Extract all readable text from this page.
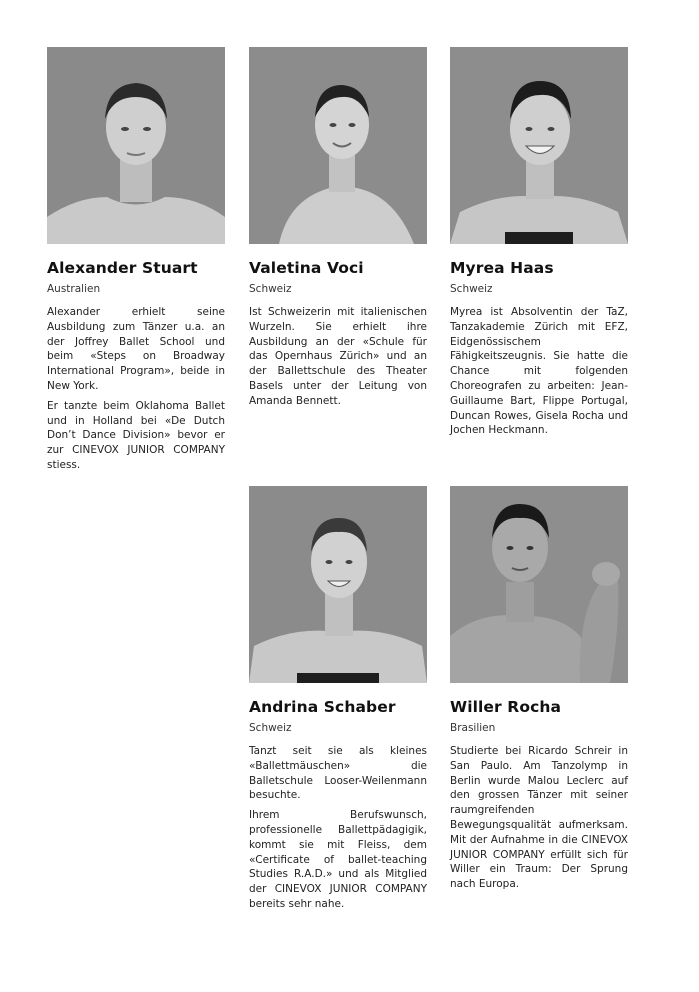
Alexander Stuart
Australien

Alexander erhielt seine Ausbildung zum Tänzer u.a. an der Joffrey Ballet School und beim «Steps on Broadway International Program», beide in New York.

Er tanzte beim Oklahoma Ballet und in Holland bei «De Dutch Don’t Dance Division» bevor er zur CINEVOX JUNIOR COMPANY stiess.

Valetina Voci
Schweiz

Ist Schweizerin mit italienischen Wurzeln. Sie erhielt ihre Ausbildung an der «Schule für das Opernhaus Zürich» und an der Ballettschule des Theater Basels unter der Leitung von Amanda Bennett.

Myrea Haas
Schweiz

Myrea ist Absolventin der TaZ, Tanzakademie Zürich mit EFZ, Eidgenössischem Fähigkeitszeugnis. Sie hatte die Chance mit folgenden Choreografen zu arbeiten: Jean-Guillaume Bart, Flippe Portugal, Duncan Rowes, Gisela Rocha und Jochen Heckmann.

Andrina Schaber
Schweiz

Tanzt seit sie als kleines «Ballettmäuschen» die Balletschule Looser-Weilenmann besuchte.

Ihrem Berufswunsch, professionelle Ballettpädagigik, kommt sie mit Fleiss, dem «Certificate of ballet-teaching Studies R.A.D.» und als Mitglied der CINEVOX JUNIOR COMPANY bereits sehr nahe.

Willer Rocha
Brasilien

Studierte bei Ricardo Schreir in San Paulo. Am Tanzolymp in Berlin wurde Malou Leclerc auf den grossen Tänzer mit seiner raumgreifenden Bewegungsqualität aufmerksam. Mit der Aufnahme in die CINEVOX JUNIOR COMPANY erfüllt sich für Willer ein Traum: Der Sprung nach Europa.
